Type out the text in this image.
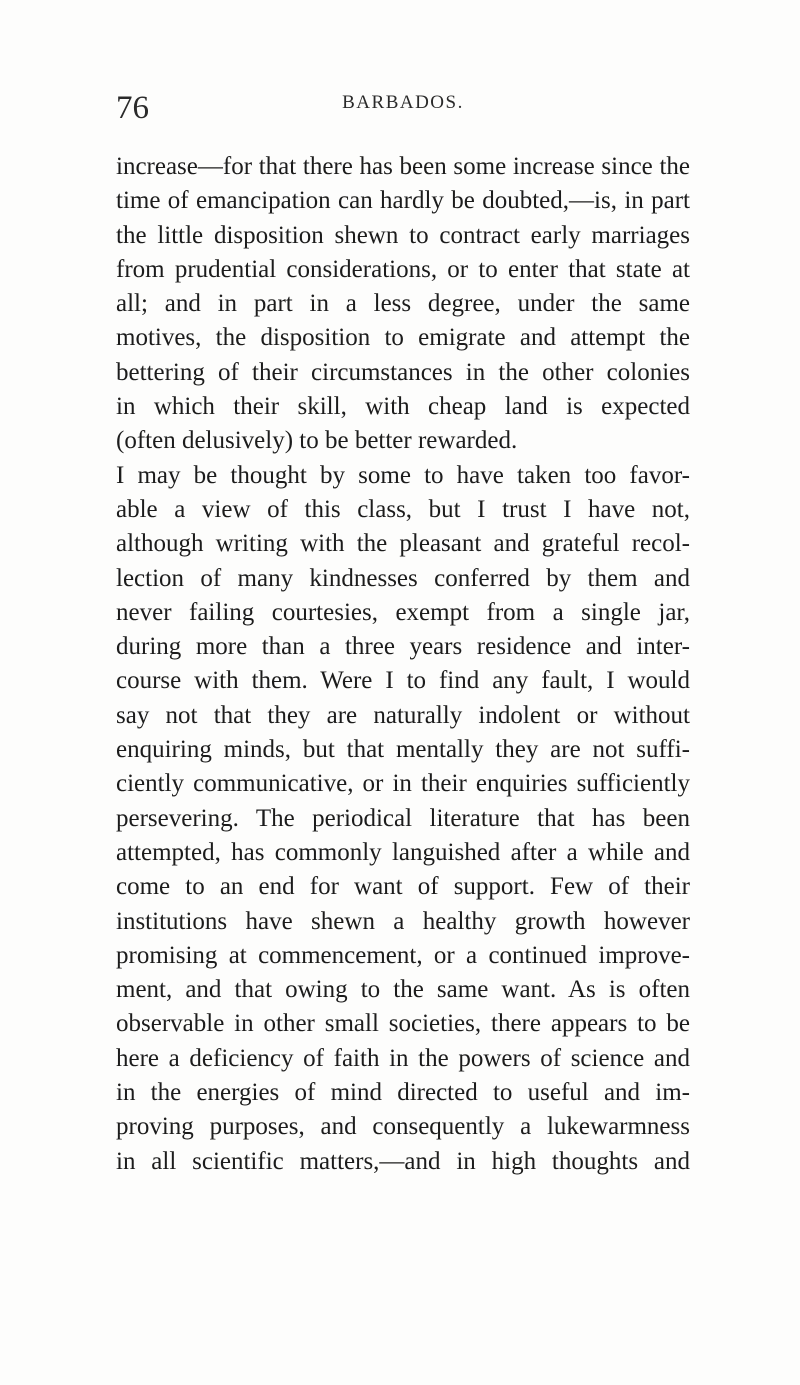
76	BARBADOS.
increase—for that there has been some increase since the
time of emancipation can hardly be doubted,—is, in part
the little disposition shewn to contract early marriages
from prudential considerations, or to enter that state at
all; and in part in a less degree, under the same
motives, the disposition to emigrate and attempt the
bettering of their circumstances in the other colonies
in which their skill, with cheap land is expected
(often delusively) to be better rewarded.
I may be thought by some to have taken too favor-
able a view of this class, but I trust I have not,
although writing with the pleasant and grateful recol-
lection of many kindnesses conferred by them and
never failing courtesies, exempt from a single jar,
during more than a three years residence and inter-
course with them. Were I to find any fault, I would
say not that they are naturally indolent or without
enquiring minds, but that mentally they are not suffi-
ciently communicative, or in their enquiries sufficiently
persevering. The periodical literature that has been
attempted, has commonly languished after a while and
come to an end for want of support. Few of their
institutions have shewn a healthy growth however
promising at commencement, or a continued improve-
ment, and that owing to the same want. As is often
observable in other small societies, there appears to be
here a deficiency of faith in the powers of science and
in the energies of mind directed to useful and im-
proving purposes, and consequently a lukewarmness
in all scientific matters,—and in high thoughts and
